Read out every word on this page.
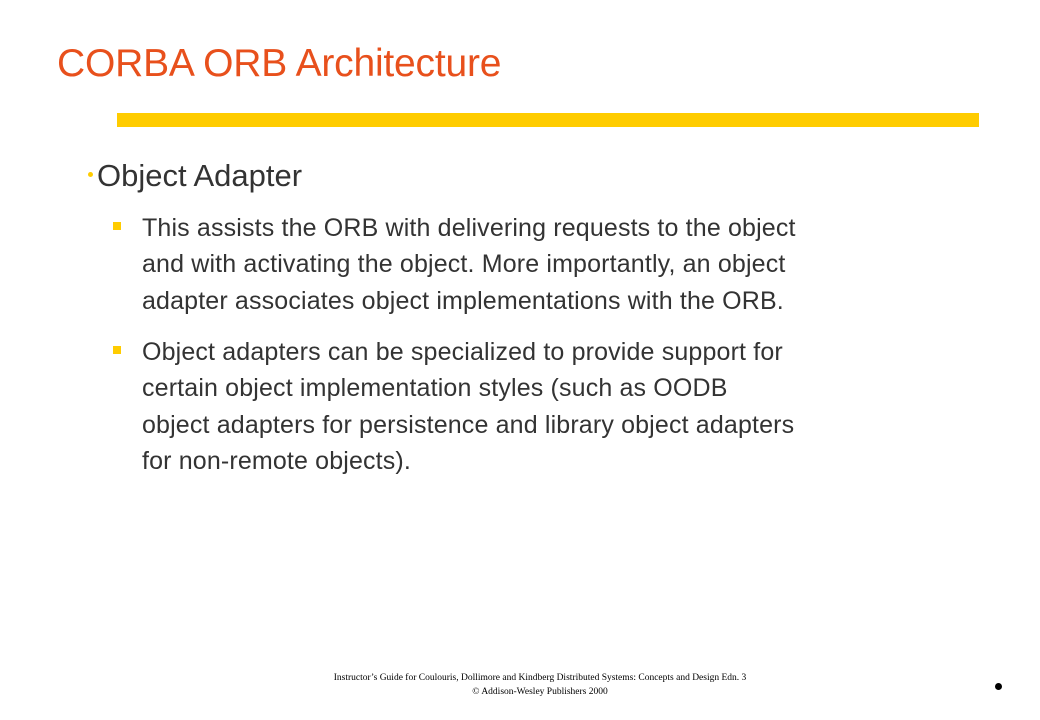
CORBA ORB Architecture
Object Adapter
This assists the ORB with delivering requests to the object
and with activating the object. More importantly, an object
adapter associates object implementations with the ORB.
Object adapters can be specialized to provide support for
certain object implementation styles (such as OODB
object adapters for persistence and library object adapters
for non-remote objects).
Instructor’s Guide for Coulouris, Dollimore and Kindberg Distributed Systems: Concepts and Design Edn. 3
© Addison-Wesley Publishers 2000
